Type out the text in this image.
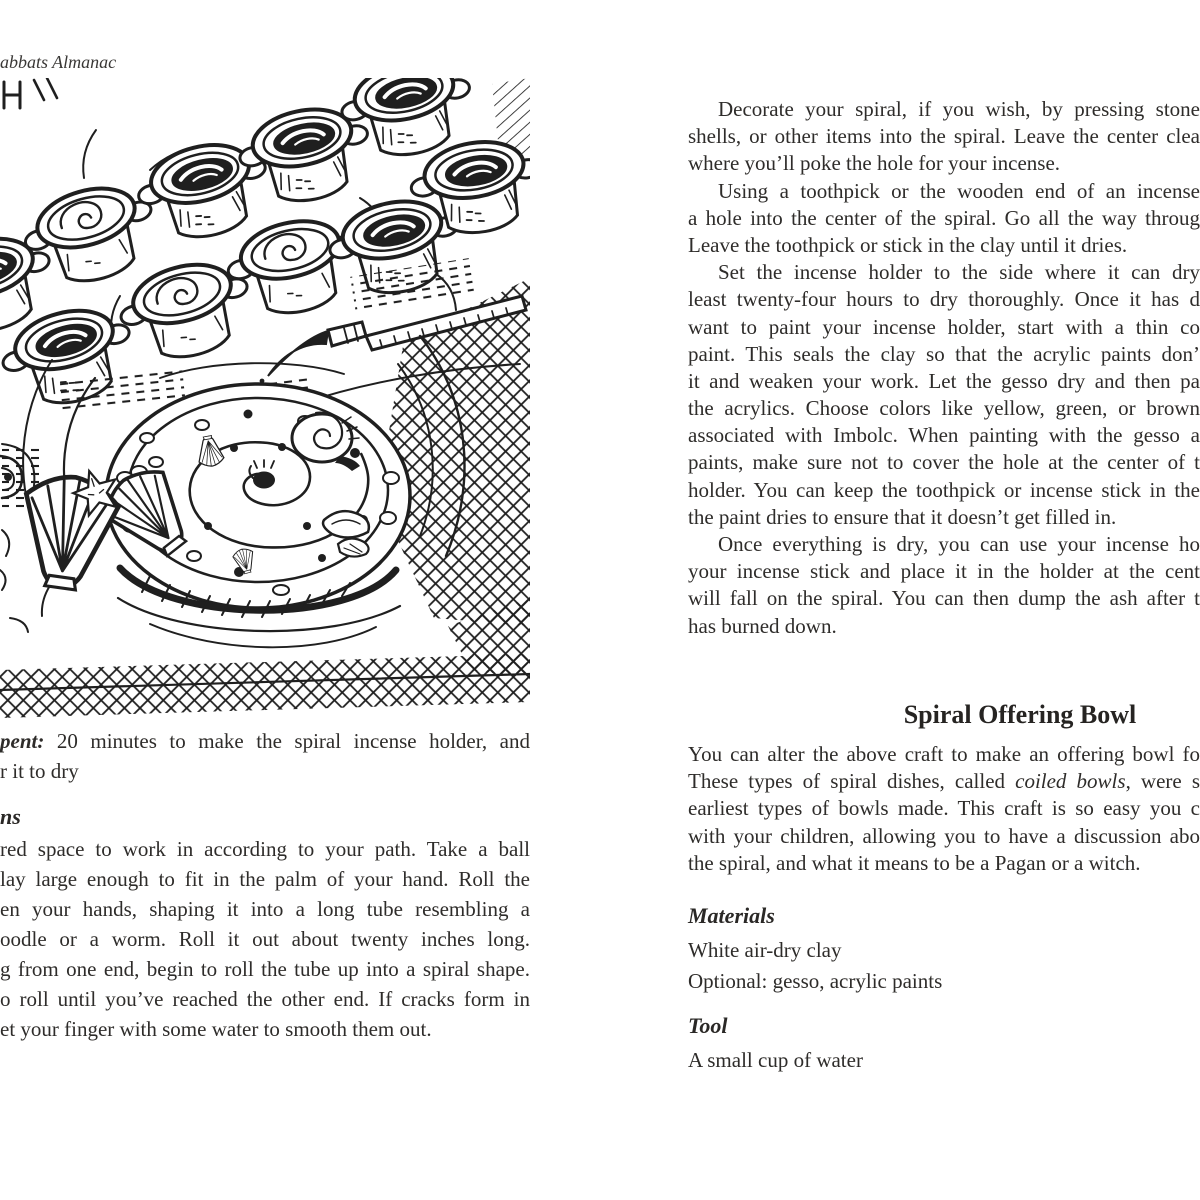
abbats Almanac
pent: 20 minutes to make the spiral incense holder, and
r it to dry
ns
red space to work in according to your path. Take a ball
lay large enough to fit in the palm of your hand. Roll the
en your hands, shaping it into a long tube resembling a
oodle or a worm. Roll it out about twenty inches long.
g from one end, begin to roll the tube up into a spiral shape.
o roll until you’ve reached the other end. If cracks form in
et your finger with some water to smooth them out.
Decorate your spiral, if you wish, by pressing stone
shells, or other items into the spiral. Leave the center clea
where you’ll poke the hole for your incense.
Using a toothpick or the wooden end of an incense
a hole into the center of the spiral. Go all the way throug
Leave the toothpick or stick in the clay until it dries.
Set the incense holder to the side where it can dry
least twenty-four hours to dry thoroughly. Once it has d
want to paint your incense holder, start with a thin co
paint. This seals the clay so that the acrylic paints don’
it and weaken your work. Let the gesso dry and then pa
the acrylics. Choose colors like yellow, green, or brown
associated with Imbolc. When painting with the gesso a
paints, make sure not to cover the hole at the center of t
holder. You can keep the toothpick or incense stick in the
the paint dries to ensure that it doesn’t get filled in.
Once everything is dry, you can use your incense ho
your incense stick and place it in the holder at the cent
will fall on the spiral. You can then dump the ash after t
has burned down.
Spiral Offering Bowl
You can alter the above craft to make an offering bowl fo
These types of spiral dishes, called coiled bowls, were s
earliest types of bowls made. This craft is so easy you c
with your children, allowing you to have a discussion abo
the spiral, and what it means to be a Pagan or a witch.
Materials
White air-dry clay
Optional: gesso, acrylic paints
Tool
A small cup of water
